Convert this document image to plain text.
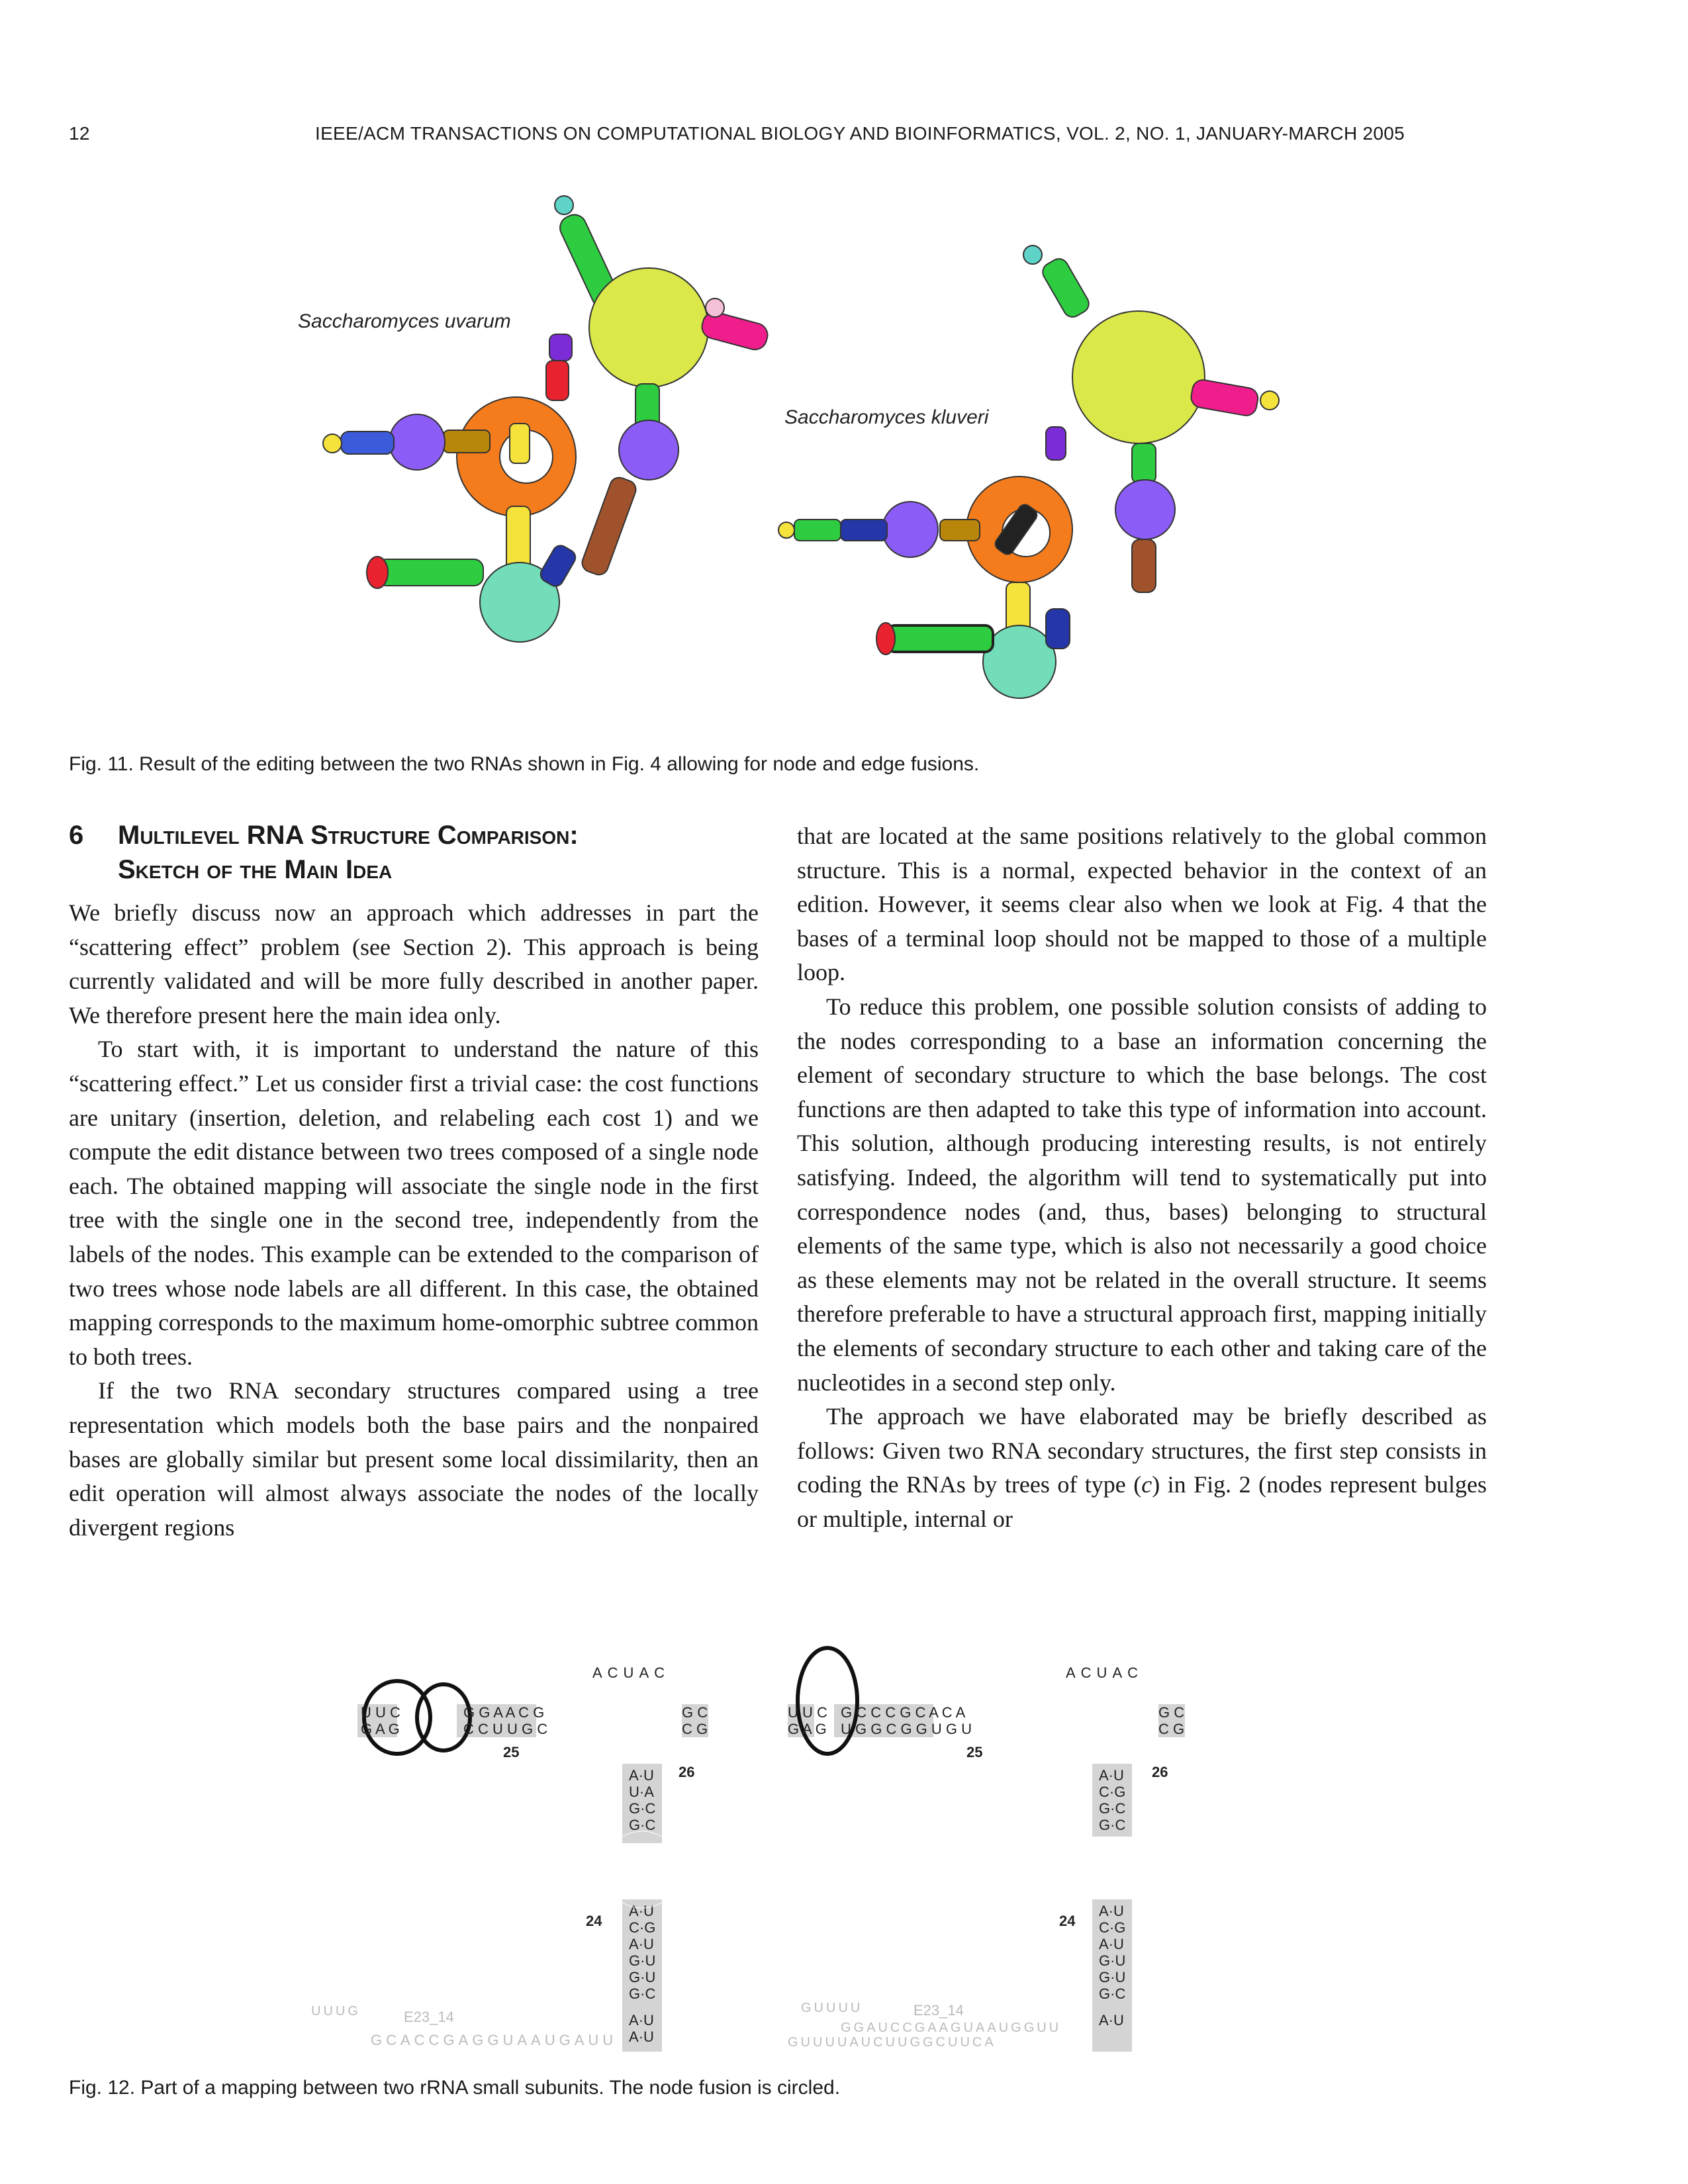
12	IEEE/ACM TRANSACTIONS ON COMPUTATIONAL BIOLOGY AND BIOINFORMATICS, VOL. 2, NO. 1, JANUARY-MARCH 2005
Saccharomyces uvarum
Saccharomyces kluveri
Fig. 11. Result of the editing between the two RNAs shown in Fig. 4 allowing for node and edge fusions.
6 Multilevel RNA Structure Comparison:
Sketch of the Main Idea

We briefly discuss now an approach which addresses in part the “scattering effect” problem (see Section 2). This approach is being currently validated and will be more fully described in another paper. We therefore present here the main idea only.

To start with, it is important to understand the nature of this “scattering effect.” Let us consider first a trivial case: the cost functions are unitary (insertion, deletion, and relabeling each cost 1) and we compute the edit distance between two trees composed of a single node each. The obtained mapping will associate the single node in the first tree with the single one in the second tree, independently from the labels of the nodes. This example can be extended to the comparison of two trees whose node labels are all different. In this case, the obtained mapping corresponds to the maximum home-omorphic subtree common to both trees.

If the two RNA secondary structures compared using a tree representation which models both the base pairs and the nonpaired bases are globally similar but present some local dissimilarity, then an edit operation will almost always associate the nodes of the locally divergent regions

that are located at the same positions relatively to the global common structure. This is a normal, expected behavior in the context of an edition. However, it seems clear also when we look at Fig. 4 that the bases of a terminal loop should not be mapped to those of a multiple loop.

To reduce this problem, one possible solution consists of adding to the nodes corresponding to a base an information concerning the element of secondary structure to which the base belongs. The cost functions are then adapted to take this type of information into account. This solution, although producing interesting results, is not entirely satisfying. Indeed, the algorithm will tend to systematically put into correspondence nodes (and, thus, bases) belonging to structural elements of the same type, which is also not necessarily a good choice as these elements may not be related in the overall structure. It seems therefore preferable to have a structural approach first, mapping initially the elements of secondary structure to each other and taking care of the nucleotides in a second step only.

The approach we have elaborated may be briefly described as follows: Given two RNA secondary structures, the first step consists in coding the RNAs by trees of type (c) in Fig. 2 (nodes represent bulges or multiple, internal or

U U C
G A G
G G A A C G
C C U U G C
G C
C G
ACUAC
25
26
24
A·U
U·A
G·C
G·C
A·U
C·G
A·U
G·U
G·U
G·C
A·U
A·U
E23_14
UUUG
GCACCGAGGUAAUGAUU
U U C
G A G
G C C C G C A C A
U G G C G G U G U
G C
C G
ACUAC
25
26
24
A·U
C·G
G·C
G·C
A·U
C·G
A·U
G·U
G·U
G·C
A·U
E23_14
GUUUU
GGAUCCGAAGUAAUGGUU
GUUUUAUCUUGGCUUCA
Fig. 12. Part of a mapping between two rRNA small subunits. The node fusion is circled.
